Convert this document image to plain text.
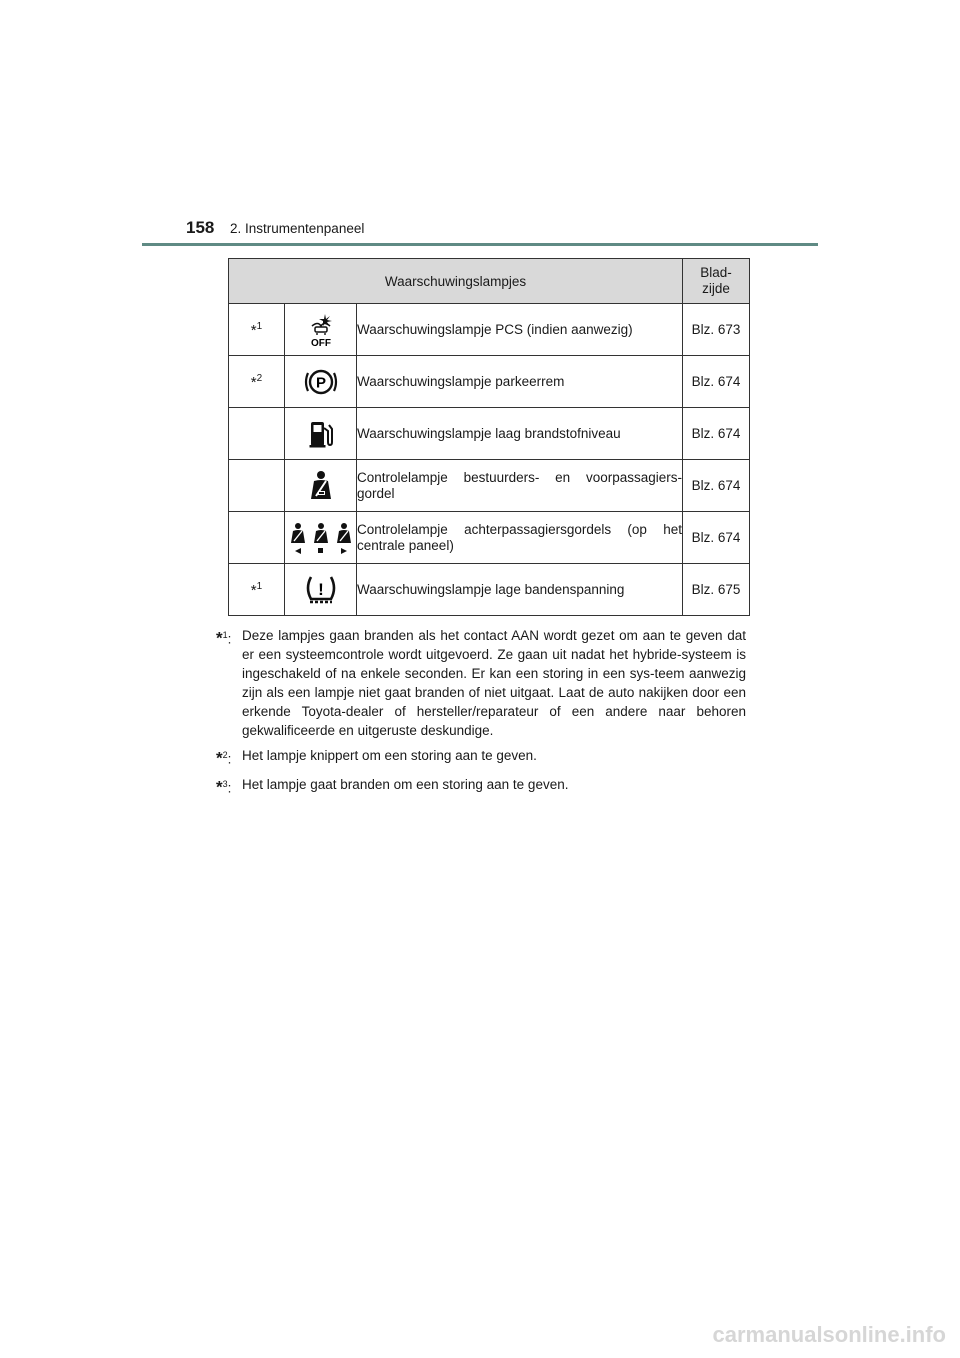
158 2. Instrumentenpaneel
Waarschuwingslampjes			Blad-
zijde
*$^1$	OFF	Waarschuwingslampje PCS (indien aanwezig)	Blz. 673
*$^2$	P	Waarschuwingslampje parkeerrem	Blz. 674

	Waarschuwingslampje laag brandstofniveau	Blz. 674

	Controlelampje bestuurders- en voorpassagiers-gordel	Blz. 674

	Controlelampje achterpassagiersgordels (op het centrale paneel)	Blz. 674
*$^1$	!	Waarschuwingslampje lage bandenspanning	Blz. 675
*$^1$: Deze lampjes gaan branden als het contact AAN wordt gezet om aan te geven dat er een systeemcontrole wordt uitgevoerd. Ze gaan uit nadat het hybride-systeem is ingeschakeld of na enkele seconden. Er kan een storing in een sys-teem aanwezig zijn als een lampje niet gaat branden of niet uitgaat. Laat de auto nakijken door een erkende Toyota-dealer of hersteller/reparateur of een andere naar behoren gekwalificeerde en uitgeruste deskundige.
*$^2$: Het lampje knippert om een storing aan te geven.
*$^3$: Het lampje gaat branden om een storing aan te geven.
carmanualsonline.info
